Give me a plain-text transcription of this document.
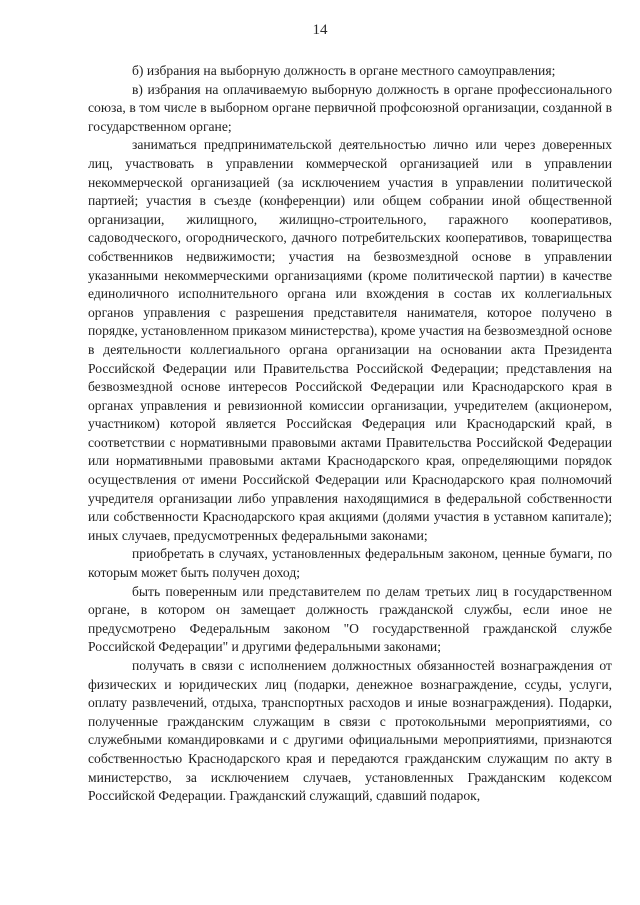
14

б) избрания на выборную должность в органе местного самоуправления;

в) избрания на оплачиваемую выборную должность в органе профессионального союза, в том числе в выборном органе первичной профсоюзной организации, созданной в государственном органе;

заниматься предпринимательской деятельностью лично или через доверенных лиц, участвовать в управлении коммерческой организацией или в управлении некоммерческой организацией (за исключением участия в управлении политической партией; участия в съезде (конференции) или общем собрании иной общественной организации, жилищного, жилищно-строительного, гаражного кооперативов, садоводческого, огороднического, дачного потребительских кооперативов, товарищества собственников недвижимости; участия на безвозмездной основе в управлении указанными некоммерческими организациями (кроме политической партии) в качестве единоличного исполнительного органа или вхождения в состав их коллегиальных органов управления с разрешения представителя нанимателя, которое получено в порядке, установленном приказом министерства), кроме участия на безвозмездной основе в деятельности коллегиального органа организации на основании акта Президента Российской Федерации или Правительства Российской Федерации; представления на безвозмездной основе интересов Российской Федерации или Краснодарского края в органах управления и ревизионной комиссии организации, учредителем (акционером, участником) которой является Российская Федерация или Краснодарский край, в соответствии с нормативными правовыми актами Правительства Российской Федерации или нормативными правовыми актами Краснодарского края, определяющими порядок осуществления от имени Российской Федерации или Краснодарского края полномочий учредителя организации либо управления находящимися в федеральной собственности или собственности Краснодарского края акциями (долями участия в уставном капитале); иных случаев, предусмотренных федеральными законами;

приобретать в случаях, установленных федеральным законом, ценные бумаги, по которым может быть получен доход;

быть поверенным или представителем по делам третьих лиц в государственном органе, в котором он замещает должность гражданской службы, если иное не предусмотрено Федеральным законом "О государственной гражданской службе Российской Федерации" и другими федеральными законами;

получать в связи с исполнением должностных обязанностей вознаграждения от физических и юридических лиц (подарки, денежное вознаграждение, ссуды, услуги, оплату развлечений, отдыха, транспортных расходов и иные вознаграждения). Подарки, полученные гражданским служащим в связи с протокольными мероприятиями, со служебными командировками и с другими официальными мероприятиями, признаются собственностью Краснодарского края и передаются гражданским служащим по акту в министерство, за исключением случаев, установленных Гражданским кодексом Российской Федерации. Гражданский служащий, сдавший подарок,
